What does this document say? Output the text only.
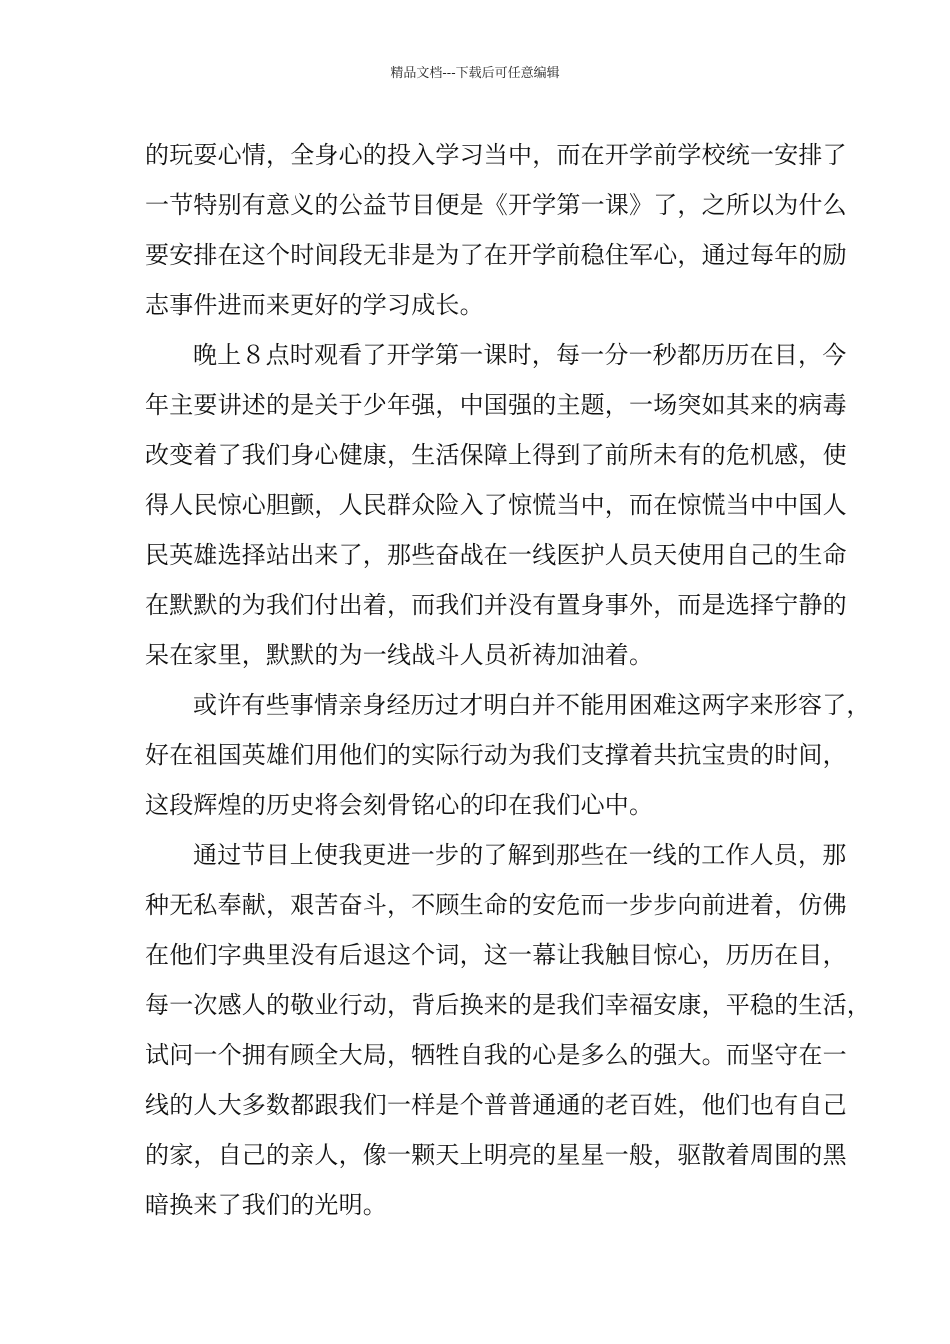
精品文档---下载后可任意编辑
的玩耍心情，全身心的投入学习当中，而在开学前学校统一安排了
一节特别有意义的公益节目便是《开学第一课》了，之所以为什么
要安排在这个时间段无非是为了在开学前稳住军心，通过每年的励
志事件进而来更好的学习成长。
晚上８点时观看了开学第一课时，每一分一秒都历历在目，今
年主要讲述的是关于少年强，中国强的主题，一场突如其来的病毒
改变着了我们身心健康，生活保障上得到了前所未有的危机感，使
得人民惊心胆颤，人民群众险入了惊慌当中，而在惊慌当中中国人
民英雄选择站出来了，那些奋战在一线医护人员天使用自己的生命
在默默的为我们付出着，而我们并没有置身事外，而是选择宁静的
呆在家里，默默的为一线战斗人员祈祷加油着。
或许有些事情亲身经历过才明白并不能用困难这两字来形容了，
好在祖国英雄们用他们的实际行动为我们支撑着共抗宝贵的时间，
这段辉煌的历史将会刻骨铭心的印在我们心中。
通过节目上使我更进一步的了解到那些在一线的工作人员，那
种无私奉献，艰苦奋斗，不顾生命的安危而一步步向前进着，仿佛
在他们字典里没有后退这个词，这一幕让我触目惊心，历历在目，
每一次感人的敬业行动，背后换来的是我们幸福安康，平稳的生活，
试问一个拥有顾全大局，牺牲自我的心是多么的强大。而坚守在一
线的人大多数都跟我们一样是个普普通通的老百姓，他们也有自己
的家，自己的亲人，像一颗天上明亮的星星一般，驱散着周围的黑
暗换来了我们的光明。
